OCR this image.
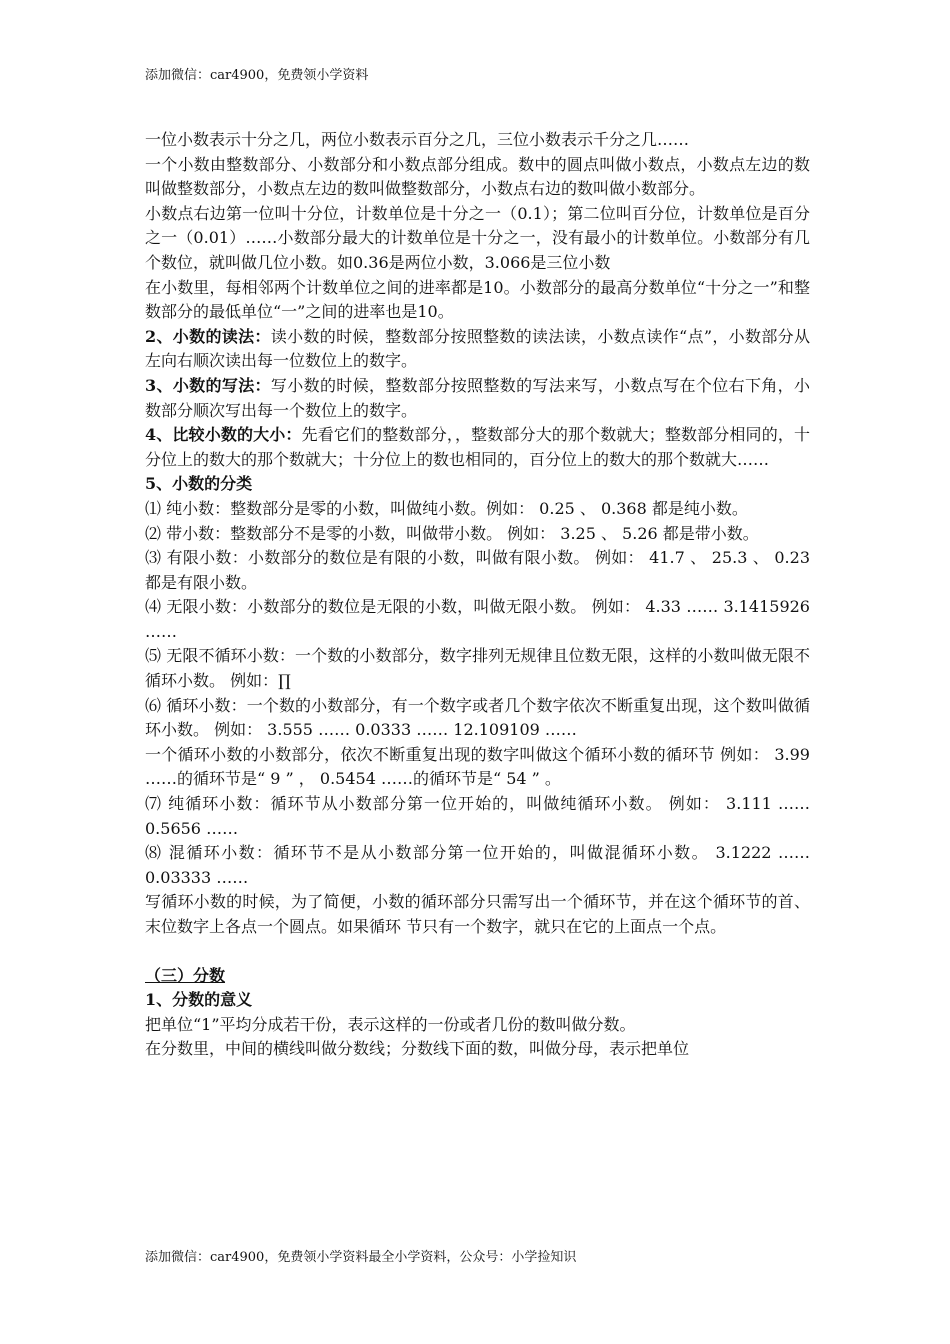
添加微信：car4900，免费领小学资料

一位小数表示十分之几，两位小数表示百分之几，三位小数表示千分之几……

一个小数由整数部分、小数部分和小数点部分组成。数中的圆点叫做小数点，小数点左边的数叫做整数部分，小数点左边的数叫做整数部分，小数点右边的数叫做小数部分。

小数点右边第一位叫十分位，计数单位是十分之一（0.1）；第二位叫百分位，计数单位是百分之一（0.01）……小数部分最大的计数单位是十分之一，没有最小的计数单位。小数部分有几个数位，就叫做几位小数。如0.36是两位小数，3.066是三位小数

在小数里，每相邻两个计数单位之间的进率都是10。小数部分的最高分数单位“十分之一”和整数部分的最低单位“一”之间的进率也是10。

2、小数的读法：读小数的时候，整数部分按照整数的读法读，小数点读作“点”，小数部分从左向右顺次读出每一位数位上的数字。

3、小数的写法：写小数的时候，整数部分按照整数的写法来写，小数点写在个位右下角，小数部分顺次写出每一个数位上的数字。

4、比较小数的大小：先看它们的整数部分，，整数部分大的那个数就大；整数部分相同的，十分位上的数大的那个数就大；十分位上的数也相同的，百分位上的数大的那个数就大……

5、小数的分类

⑴ 纯小数：整数部分是零的小数，叫做纯小数。例如： 0.25 、 0.368 都是纯小数。

⑵ 带小数：整数部分不是零的小数，叫做带小数。 例如： 3.25 、 5.26 都是带小数。

⑶ 有限小数：小数部分的数位是有限的小数，叫做有限小数。 例如： 41.7 、 25.3 、 0.23 都是有限小数。

⑷ 无限小数：小数部分的数位是无限的小数，叫做无限小数。 例如： 4.33 …… 3.1415926 ……

⑸ 无限不循环小数：一个数的小数部分，数字排列无规律且位数无限，这样的小数叫做无限不循环小数。 例如：∏

⑹ 循环小数：一个数的小数部分，有一个数字或者几个数字依次不断重复出现，这个数叫做循环小数。 例如： 3.555 …… 0.0333 …… 12.109109 ……

一个循环小数的小数部分，依次不断重复出现的数字叫做这个循环小数的循环节 例如： 3.99 ……的循环节是“ 9 ” ， 0.5454 ……的循环节是“ 54 ” 。

⑺ 纯循环小数：循环节从小数部分第一位开始的，叫做纯循环小数。 例如： 3.111 …… 0.5656 ……

⑻ 混循环小数：循环节不是从小数部分第一位开始的，叫做混循环小数。 3.1222 …… 0.03333 ……

写循环小数的时候，为了简便，小数的循环部分只需写出一个循环节，并在这个循环节的首、末位数字上各点一个圆点。如果循环 节只有一个数字，就只在它的上面点一个点。

（三）分数

1、分数的意义

把单位“1”平均分成若干份，表示这样的一份或者几份的数叫做分数。

在分数里，中间的横线叫做分数线；分数线下面的数，叫做分母，表示把单位

添加微信：car4900，免费领小学资料最全小学资料，公众号：小学捡知识
